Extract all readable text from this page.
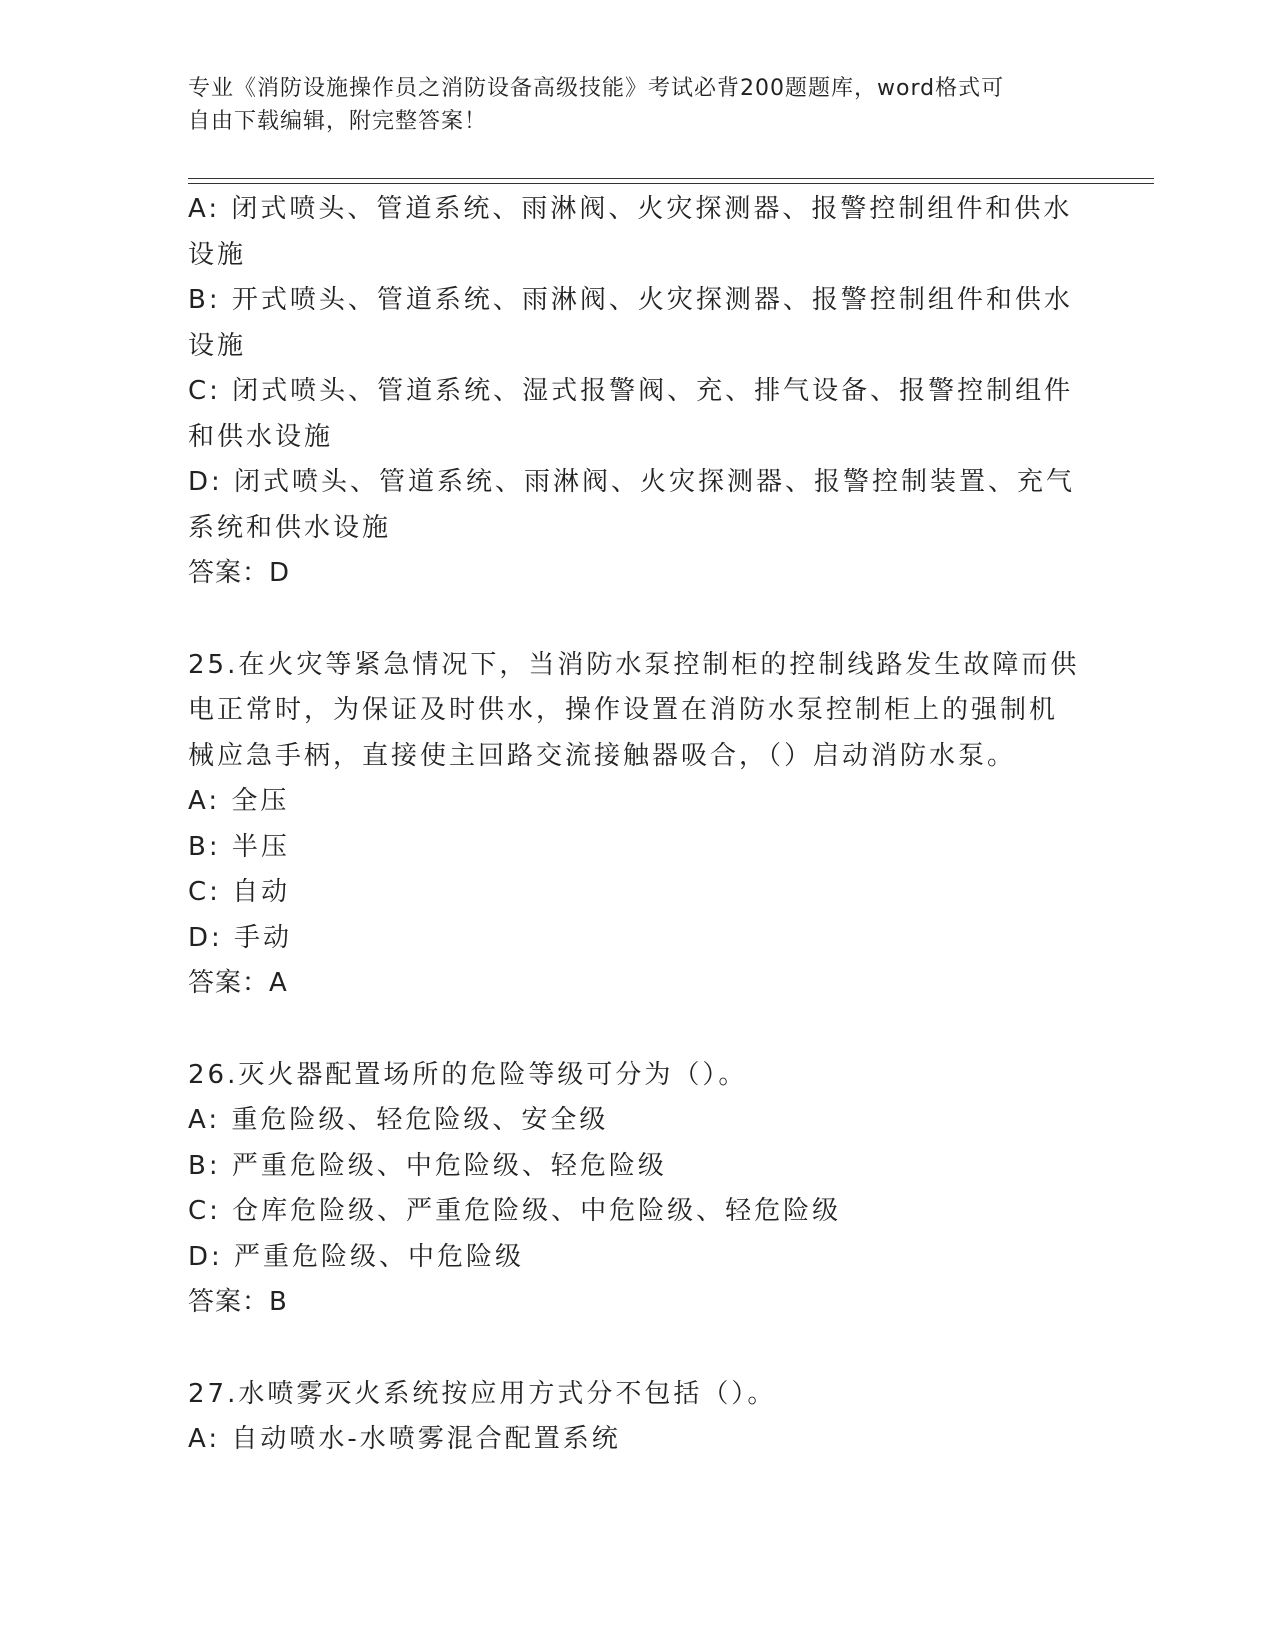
专业《消防设施操作员之消防设备高级技能》考试必背200题题库，word格式可
自由下载编辑，附完整答案！
A: 闭式喷头、管道系统、雨淋阀、火灾探测器、报警控制组件和供水
设施
B: 开式喷头、管道系统、雨淋阀、火灾探测器、报警控制组件和供水
设施
C: 闭式喷头、管道系统、湿式报警阀、充、排气设备、报警控制组件
和供水设施
D: 闭式喷头、管道系统、雨淋阀、火灾探测器、报警控制装置、充气
系统和供水设施
答案：D
25.在火灾等紧急情况下，当消防水泵控制柜的控制线路发生故障而供
电正常时，为保证及时供水，操作设置在消防水泵控制柜上的强制机
械应急手柄，直接使主回路交流接触器吸合，（）启动消防水泵。
A: 全压
B: 半压
C: 自动
D: 手动
答案：A
26.灭火器配置场所的危险等级可分为（）。
A: 重危险级、轻危险级、安全级
B: 严重危险级、中危险级、轻危险级
C: 仓库危险级、严重危险级、中危险级、轻危险级
D: 严重危险级、中危险级
答案：B
27.水喷雾灭火系统按应用方式分不包括（）。
A: 自动喷水-水喷雾混合配置系统
